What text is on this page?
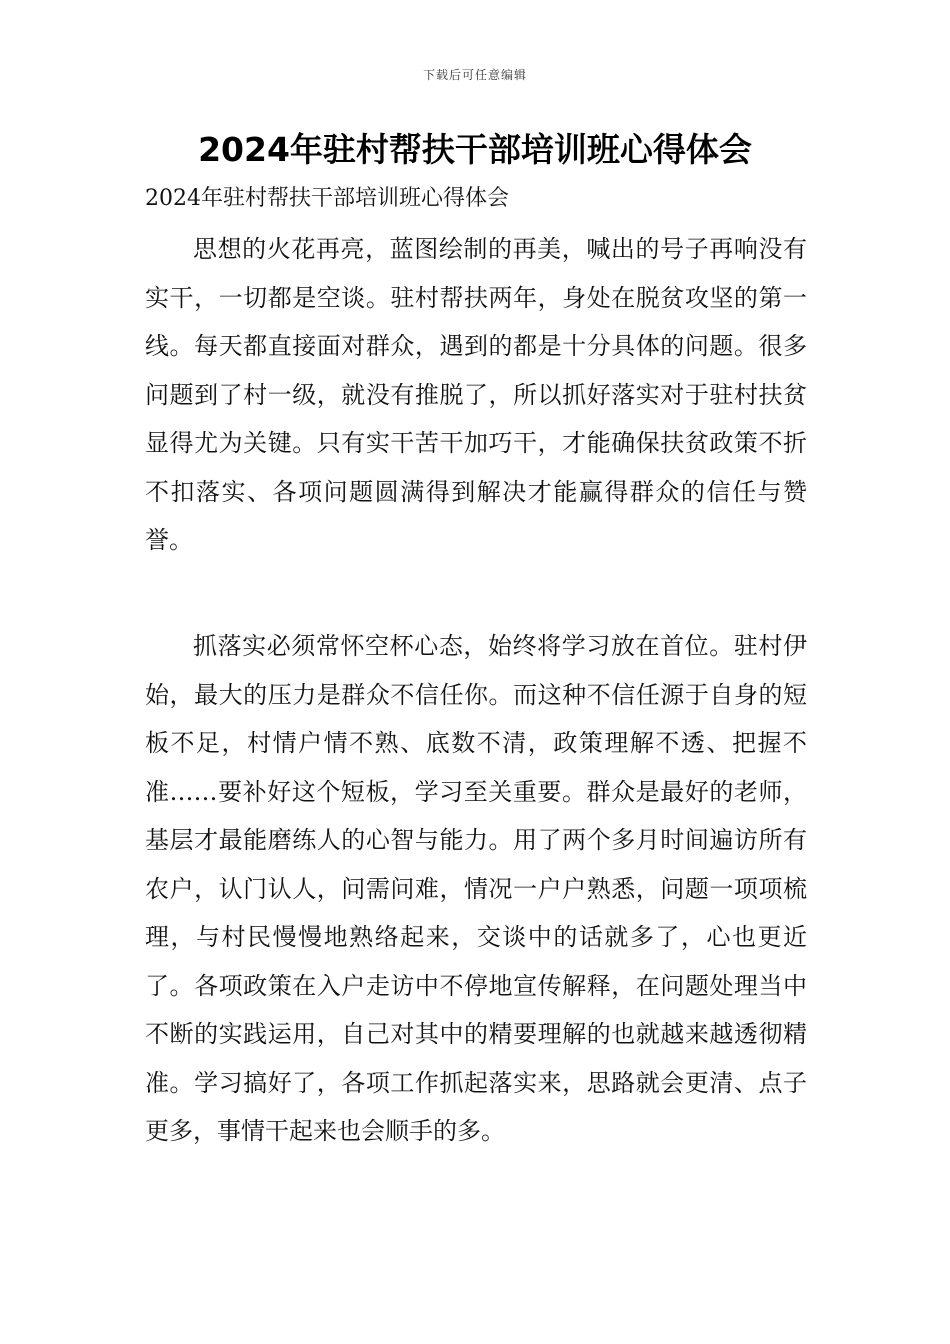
下载后可任意编辑
2024年驻村帮扶干部培训班心得体会
2024年驻村帮扶干部培训班心得体会

思想的火花再亮，蓝图绘制的再美，喊出的号子再响没有实干，一切都是空谈。驻村帮扶两年，身处在脱贫攻坚的第一线。每天都直接面对群众，遇到的都是十分具体的问题。很多问题到了村一级，就没有推脱了，所以抓好落实对于驻村扶贫显得尤为关键。只有实干苦干加巧干，才能确保扶贫政策不折不扣落实、各项问题圆满得到解决才能赢得群众的信任与赞誉。

抓落实必须常怀空杯心态，始终将学习放在首位。驻村伊始，最大的压力是群众不信任你。而这种不信任源于自身的短板不足，村情户情不熟、底数不清，政策理解不透、把握不准……要补好这个短板，学习至关重要。群众是最好的老师，基层才最能磨练人的心智与能力。用了两个多月时间遍访所有农户，认门认人，问需问难，情况一户户熟悉，问题一项项梳理，与村民慢慢地熟络起来，交谈中的话就多了，心也更近了。各项政策在入户走访中不停地宣传解释，在问题处理当中不断的实践运用，自己对其中的精要理解的也就越来越透彻精准。学习搞好了，各项工作抓起落实来，思路就会更清、点子更多，事情干起来也会顺手的多。
